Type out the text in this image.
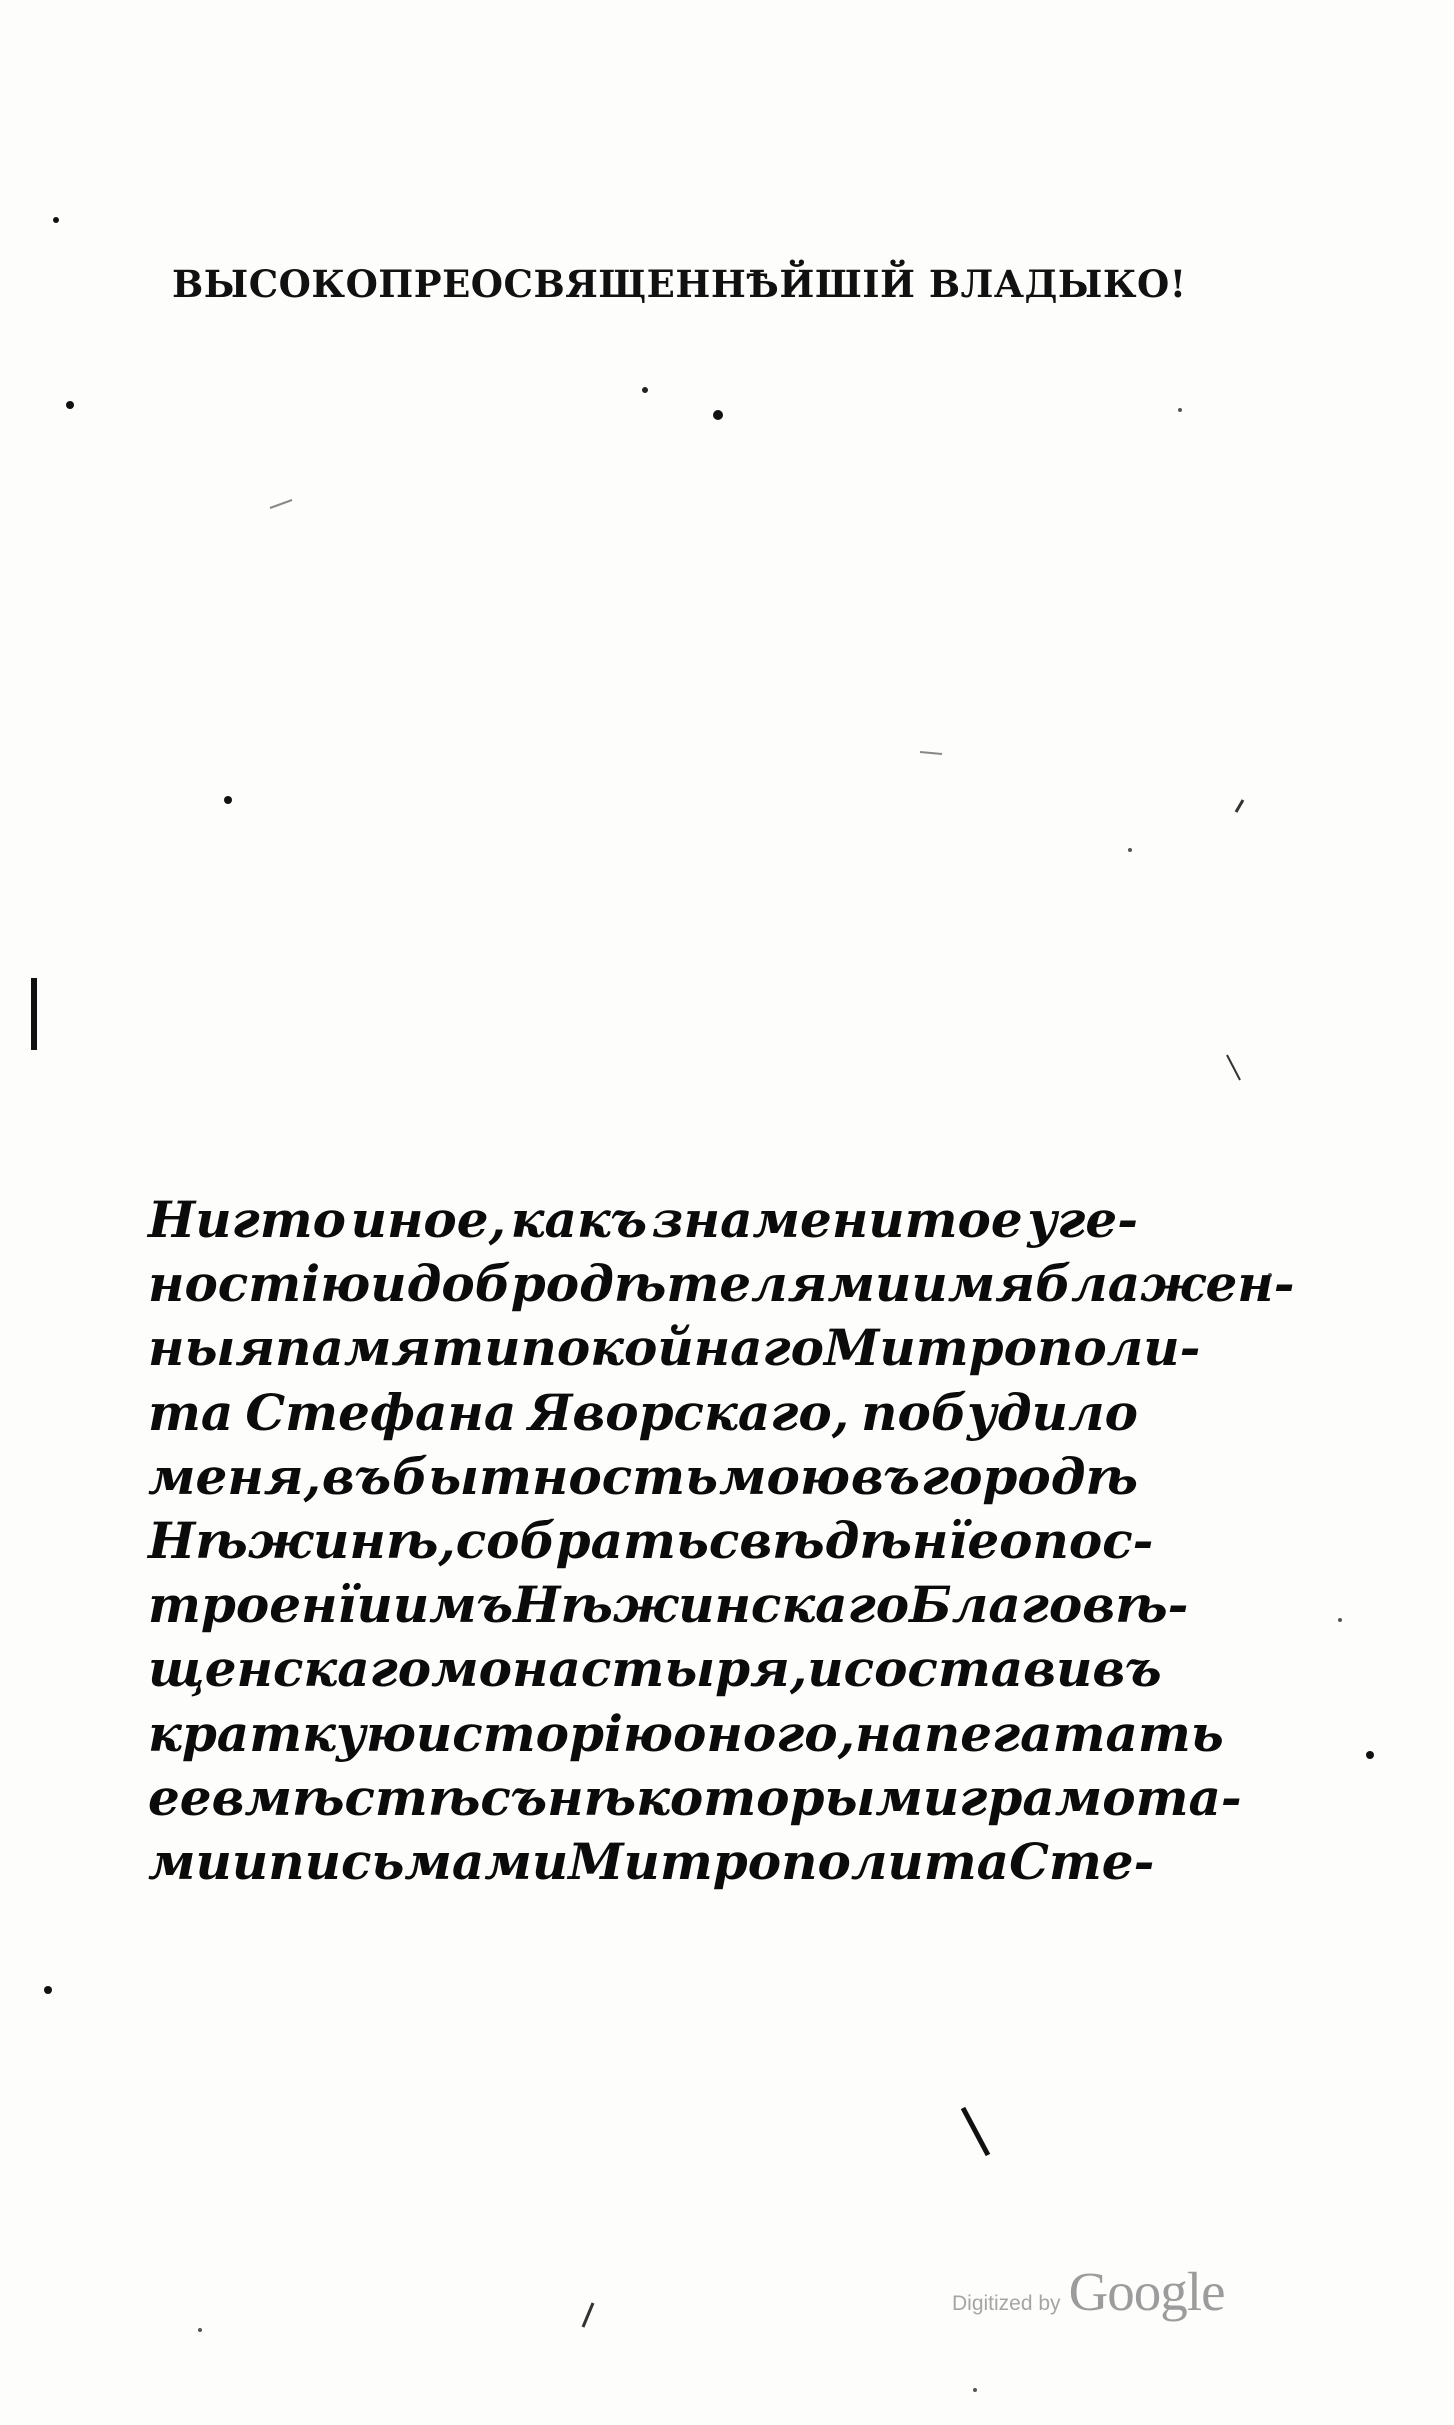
ВЫСОКОПРЕОСВЯЩЕННѢЙШІЙ ВЛАДЫКО!
Нигто иное, какъ знаменитое уге-
ностію и добродѣтелями имя блажен-
ныя памяти покойнаго Митрополи-
та Стефана Яворскаго, побудило
меня, въ бытность мою въ городѣ
Нѣжинѣ, собрать свѣдѣнїе о пос-
троенїи имъ Нѣжинскаго Благовѣ-
щенскаго монастыря, и составивъ
краткую исторію оного, напегатать
ее вмѣстѣ съ нѣкоторыми грамота-
ми и письмами Митрополита Сте-
Digitized by Google
